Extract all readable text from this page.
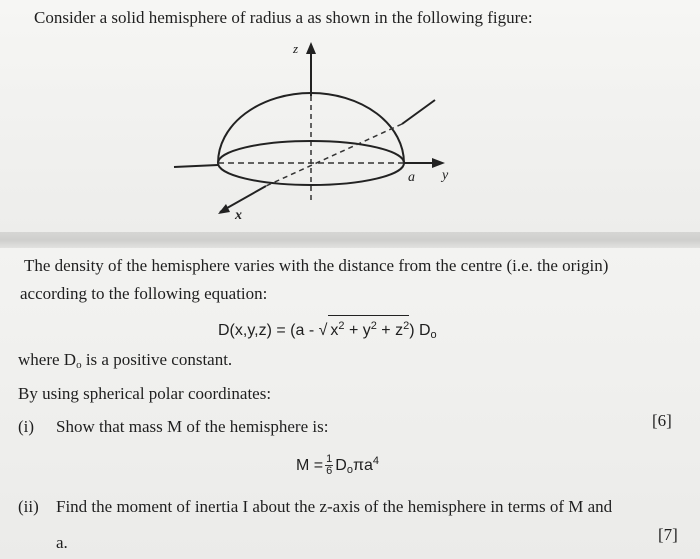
Consider a solid hemisphere of radius a as shown in the following figure:
z
y
a
x
The density of the hemisphere varies with the distance from the centre (i.e. the origin)
according to the following equation:
D(x,y,z) = (a - √ $x^2 + y^2 + z^2$) $D_o$
where $D_o$ is a positive constant.
By using spherical polar coordinates:
(i) Show that mass M of the hemisphere is:	[6]
$M = \frac{1}{6} D_o\pi a^4$
(ii) Find the moment of inertia I about the z-axis of the hemisphere in terms of M and
a.	[7]
